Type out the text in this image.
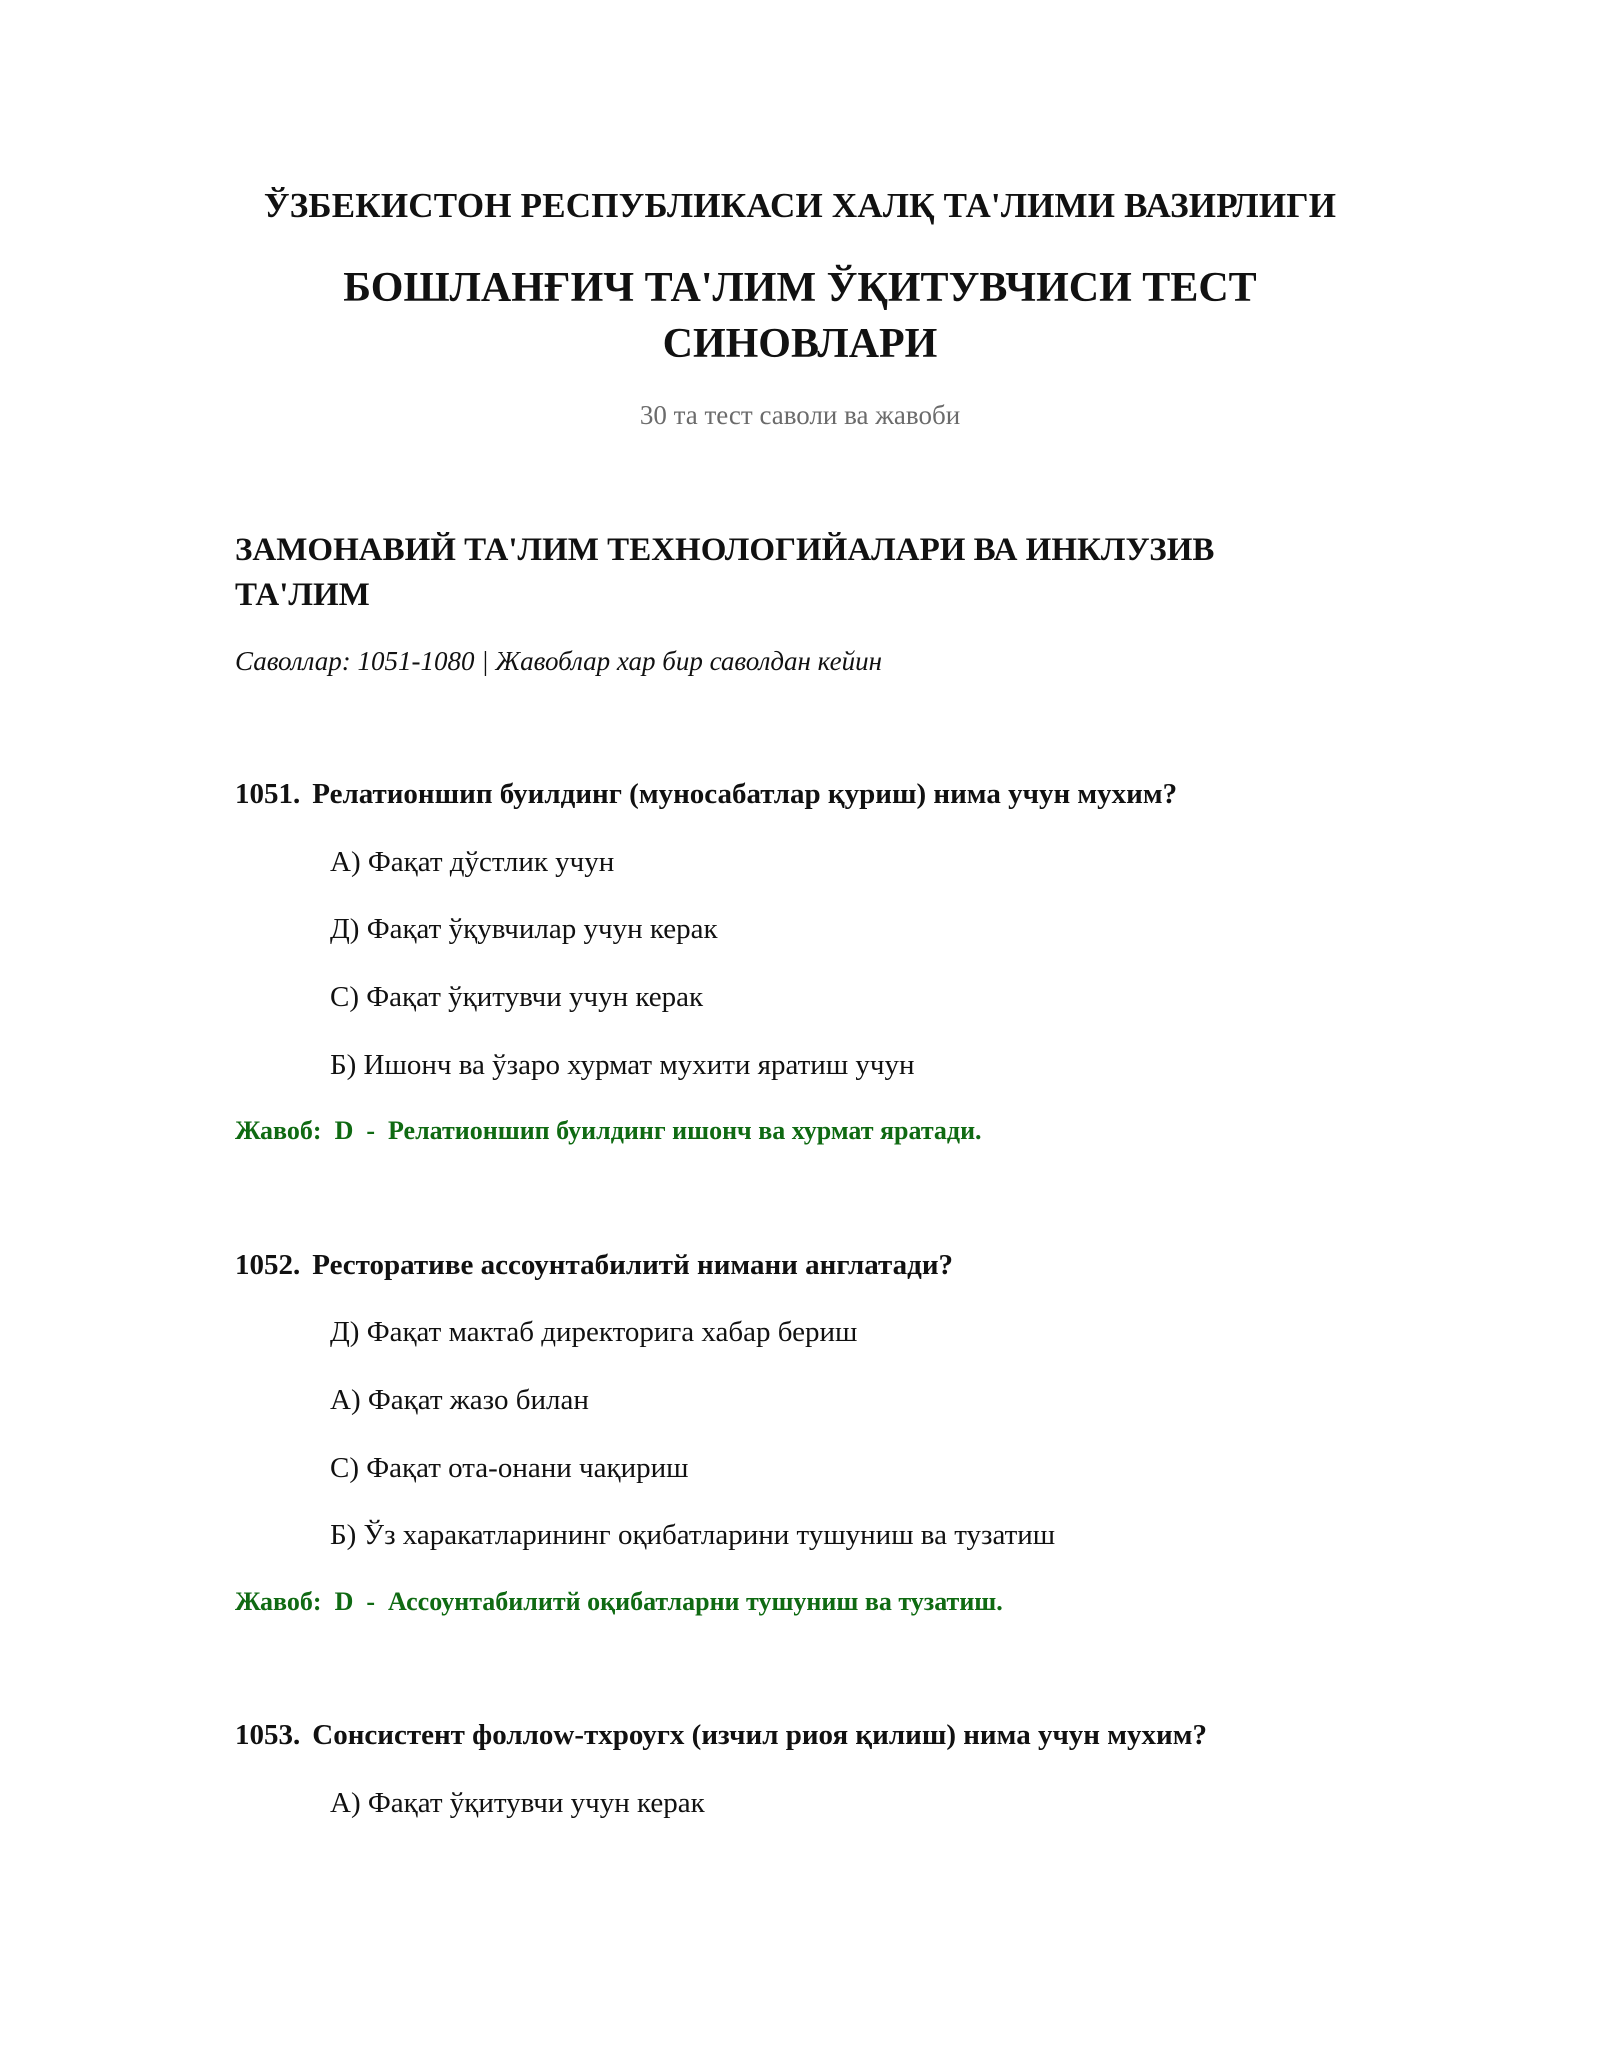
ЎЗБЕКИСТОН РЕСПУБЛИКАСИ ХАЛҚ ТА'ЛИМИ ВАЗИРЛИГИ
БОШЛАНҒИЧ ТА'ЛИМ ЎҚИТУВЧИСИ ТЕСТ СИНОВЛАРИ
30 та тест саволи ва жавоби
ЗАМОНАВИЙ ТА'ЛИМ ТЕХНОЛОГИЙАЛАРИ ВА ИНКЛУЗИВ ТА'ЛИМ
Саволлар: 1051-1080 | Жавоблар хар бир саволдан кейин
1051. Релатионшип буилдинг (муносабатлар қуриш) нима учун мухим?
А) Фақат дўстлик учун
Д) Фақат ўқувчилар учун керак
С) Фақат ўқитувчи учун керак
Б) Ишонч ва ўзаро хурмат мухити яратиш учун
Жавоб:  D  -  Релатионшип буилдинг ишонч ва хурмат яратади.
1052. Ресторативе ассоунтабилитй нимани англатади?
Д) Фақат мактаб директорига хабар бериш
А) Фақат жазо билан
С) Фақат ота-онани чақириш
Б) Ўз харакатларининг оқибатларини тушуниш ва тузатиш
Жавоб:  D  -  Ассоунтабилитй оқибатларни тушуниш ва тузатиш.
1053. Сонсистент фоллоw-тхроугх (изчил риоя қилиш) нима учун мухим?
А) Фақат ўқитувчи учун керак
